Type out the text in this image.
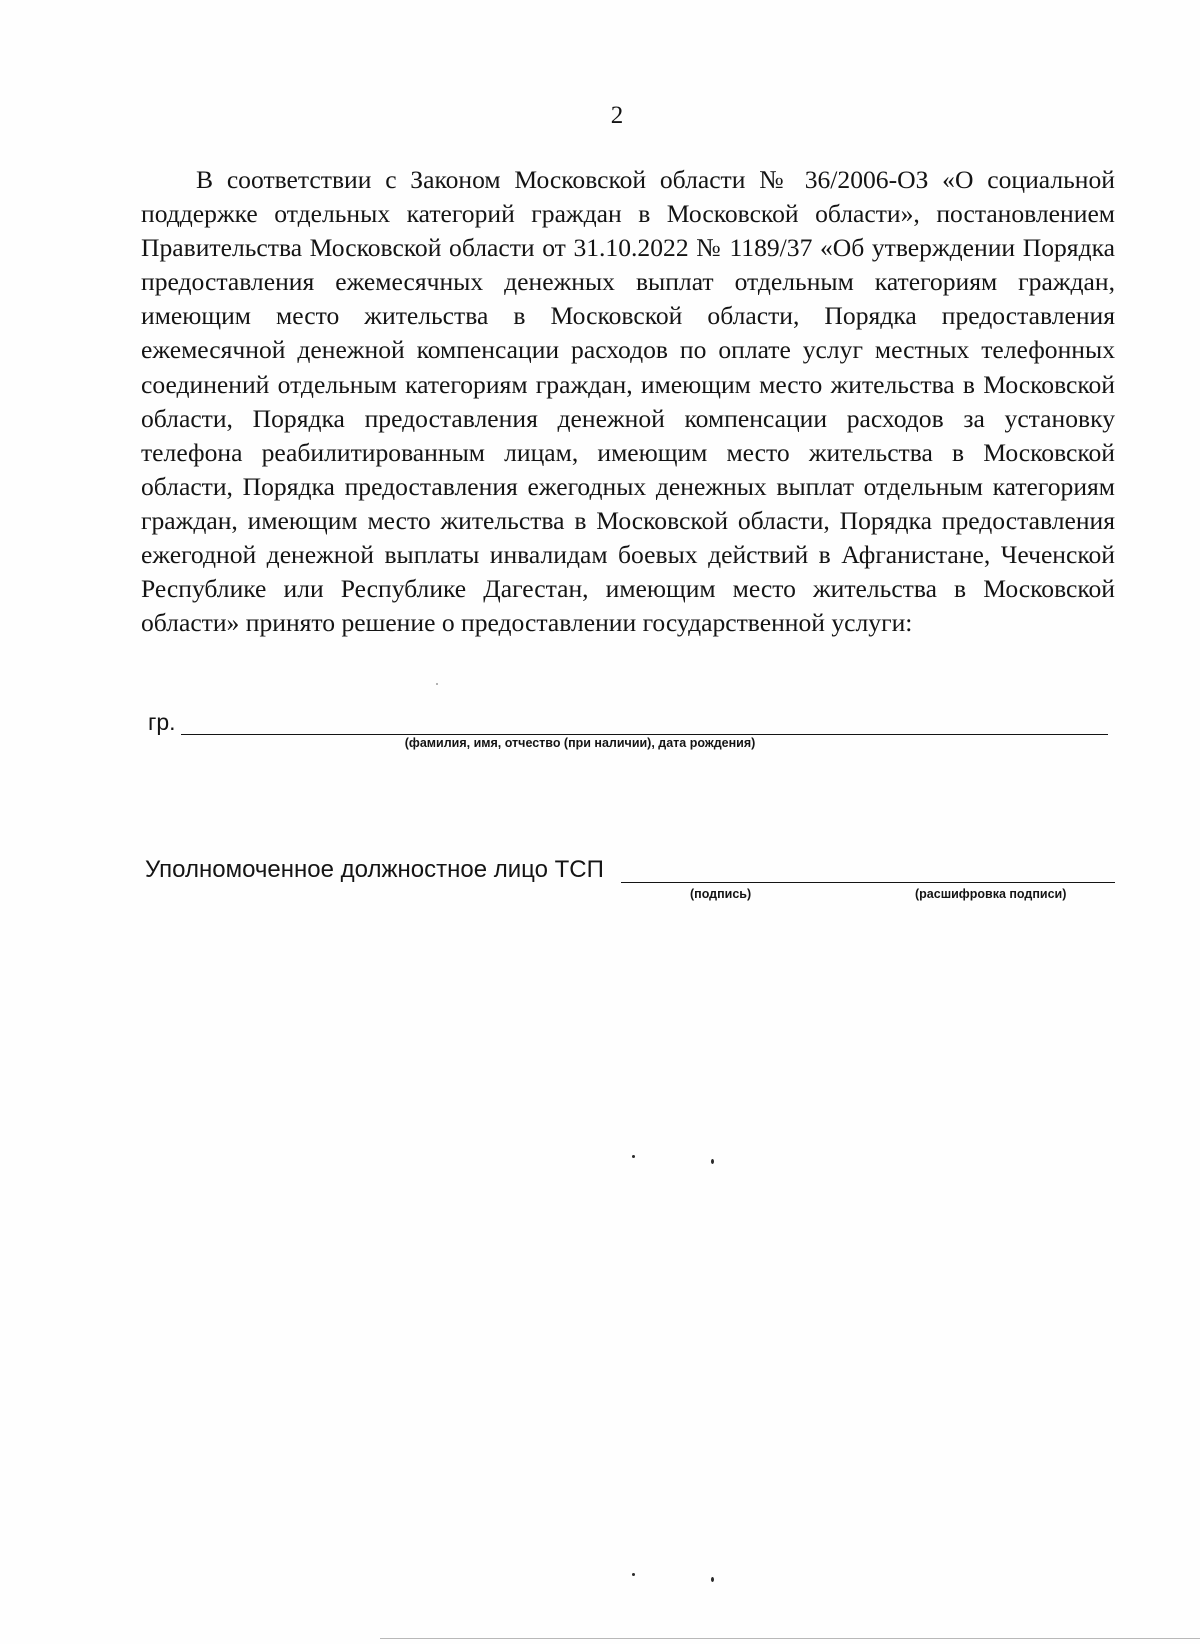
2

В соответствии с Законом Московской области № 36/2006-ОЗ «О социальной поддержке отдельных категорий граждан в Московской области», постановлением Правительства Московской области от 31.10.2022 № 1189/37 «Об утверждении Порядка предоставления ежемесячных денежных выплат отдельным категориям граждан, имеющим место жительства в Московской области, Порядка предоставления ежемесячной денежной компенсации расходов по оплате услуг местных телефонных соединений отдельным категориям граждан, имеющим место жительства в Московской области, Порядка предоставления денежной компенсации расходов за установку телефона реабилитированным лицам, имеющим место жительства в Московской области, Порядка предоставления ежегодных денежных выплат отдельным категориям граждан, имеющим место жительства в Московской области, Порядка предоставления ежегодной денежной выплаты инвалидам боевых действий в Афганистане, Чеченской Республике или Республике Дагестан, имеющим место жительства в Московской области» принято решение о предоставлении государственной услуги:

гр.
(фамилия, имя, отчество (при наличии), дата рождения)
Уполномоченное должностное лицо ТСП
(подпись)	(расшифровка подписи)
